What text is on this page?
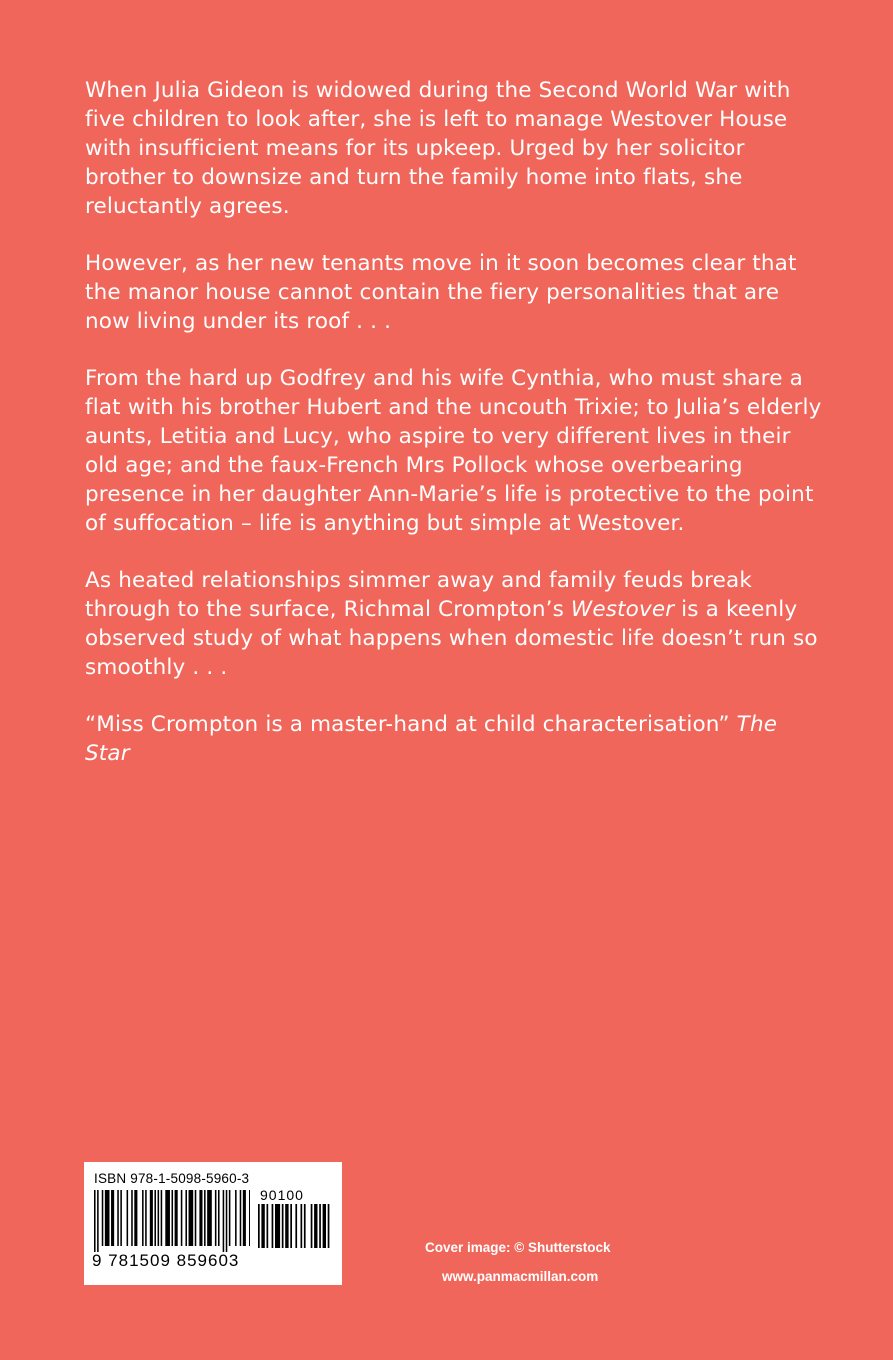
When Julia Gideon is widowed during the Second World War with five children to look after, she is left to manage Westover House with insufficient means for its upkeep. Urged by her solicitor brother to downsize and turn the family home into flats, she reluctantly agrees.

However, as her new tenants move in it soon becomes clear that the manor house cannot contain the fiery personalities that are now living under its roof . . .

From the hard up Godfrey and his wife Cynthia, who must share a flat with his brother Hubert and the uncouth Trixie; to Julia’s elderly aunts, Letitia and Lucy, who aspire to very different lives in their old age; and the faux-French Mrs Pollock whose overbearing presence in her daughter Ann-Marie’s life is protective to the point of suffocation – life is anything but simple at Westover.

As heated relationships simmer away and family feuds break through to the surface, Richmal Crompton’s Westover is a keenly observed study of what happens when domestic life doesn’t run so smoothly . . .

“Miss Crompton is a master-hand at child characterisation” The Star

ISBN 978-1-5098-5960-3
90100
9 781509 859603
Cover image: © Shutterstock
www.panmacmillan.com
